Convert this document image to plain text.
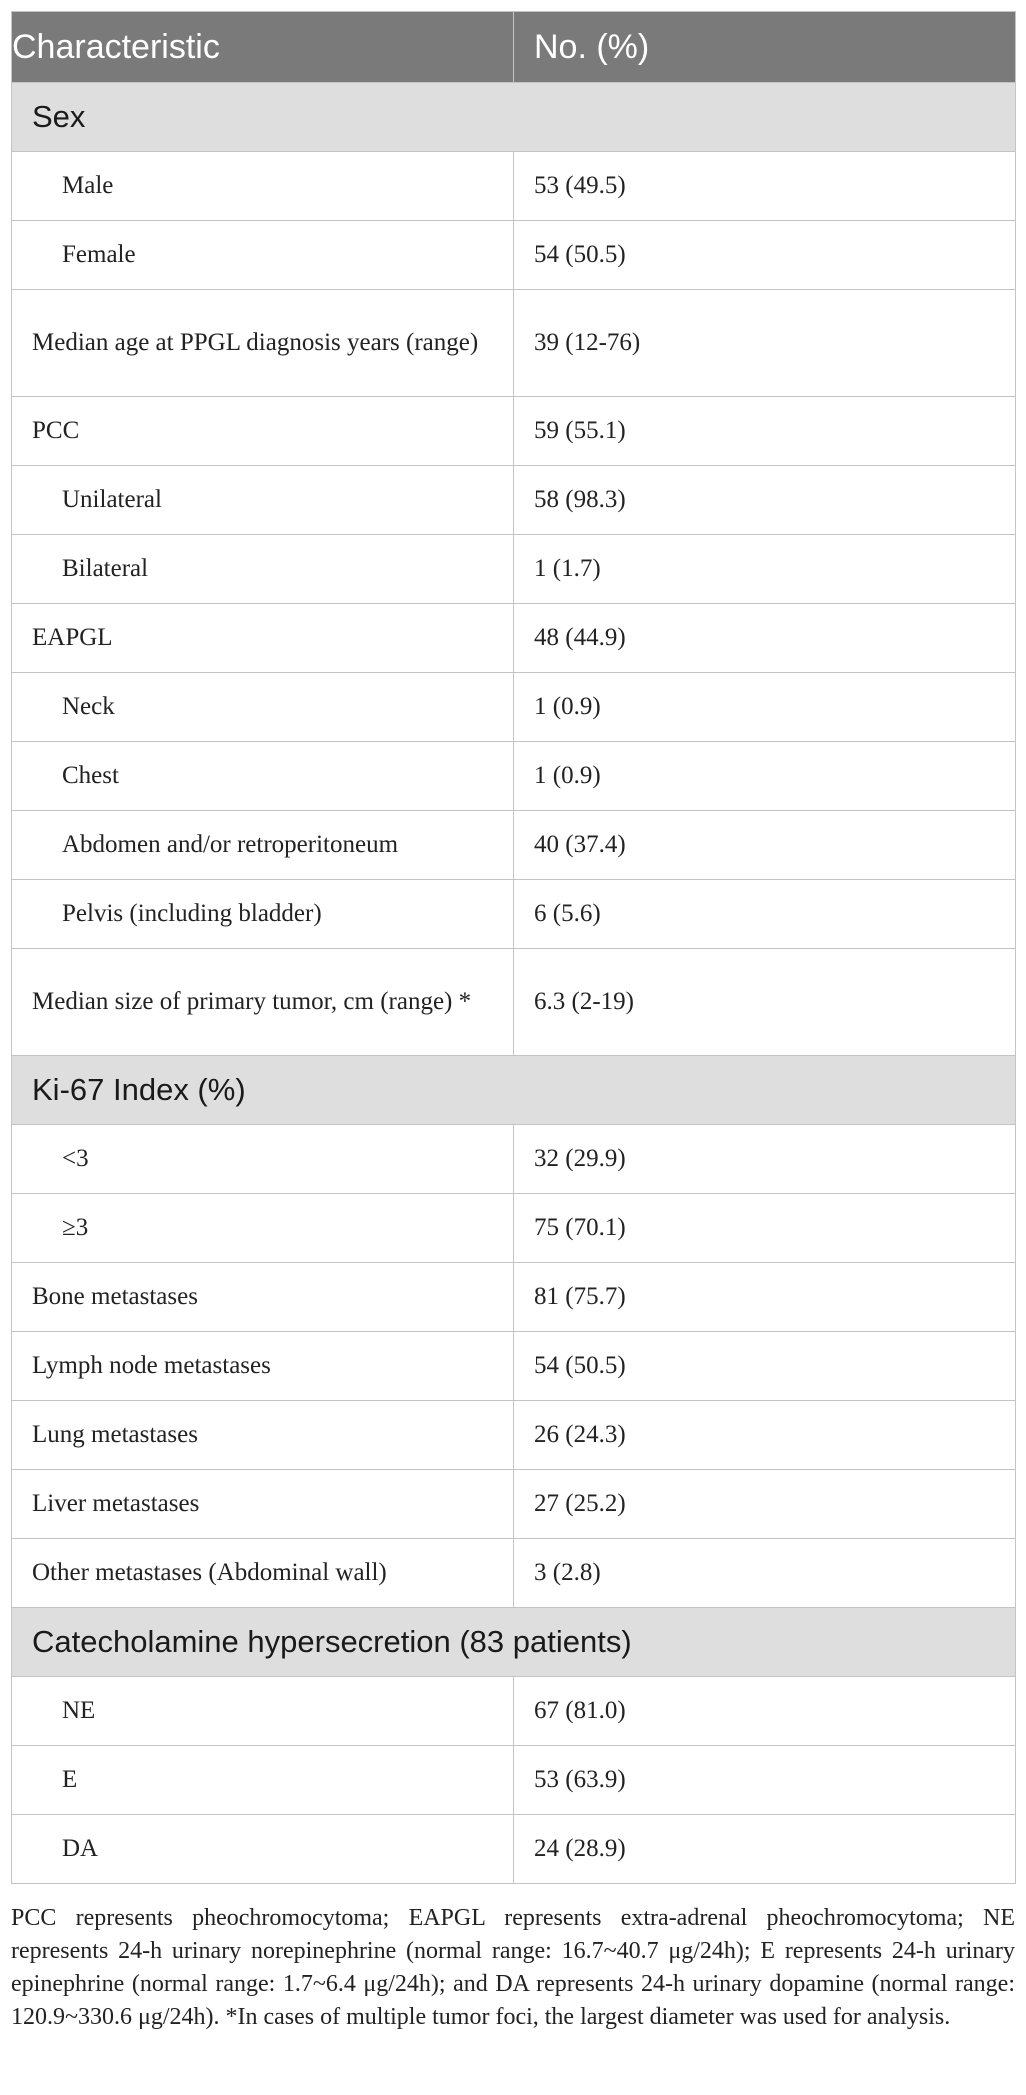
Characteristic	No. (%)
Sex	
Male	53 (49.5)
Female	54 (50.5)
Median age at PPGL diagnosis years (range)	39 (12-76)
PCC	59 (55.1)
Unilateral	58 (98.3)
Bilateral	1 (1.7)
EAPGL	48 (44.9)
Neck	1 (0.9)
Chest	1 (0.9)
Abdomen and/or retroperitoneum	40 (37.4)
Pelvis (including bladder)	6 (5.6)
Median size of primary tumor, cm (range) *	6.3 (2-19)
Ki-67 Index (%)	
<3	32 (29.9)
≥3	75 (70.1)
Bone metastases	81 (75.7)
Lymph node metastases	54 (50.5)
Lung metastases	26 (24.3)
Liver metastases	27 (25.2)
Other metastases (Abdominal wall)	3 (2.8)
Catecholamine hypersecretion (83 patients)	
NE	67 (81.0)
E	53 (63.9)
DA	24 (28.9)
PCC represents pheochromocytoma; EAPGL represents extra-adrenal pheochromocytoma; NE represents 24-h urinary norepinephrine (normal range: 16.7~40.7 μg/24h); E represents 24-h urinary epinephrine (normal range: 1.7~6.4 μg/24h); and DA represents 24-h urinary dopamine (normal range: 120.9~330.6 μg/24h). *In cases of multiple tumor foci, the largest diameter was used for analysis.
